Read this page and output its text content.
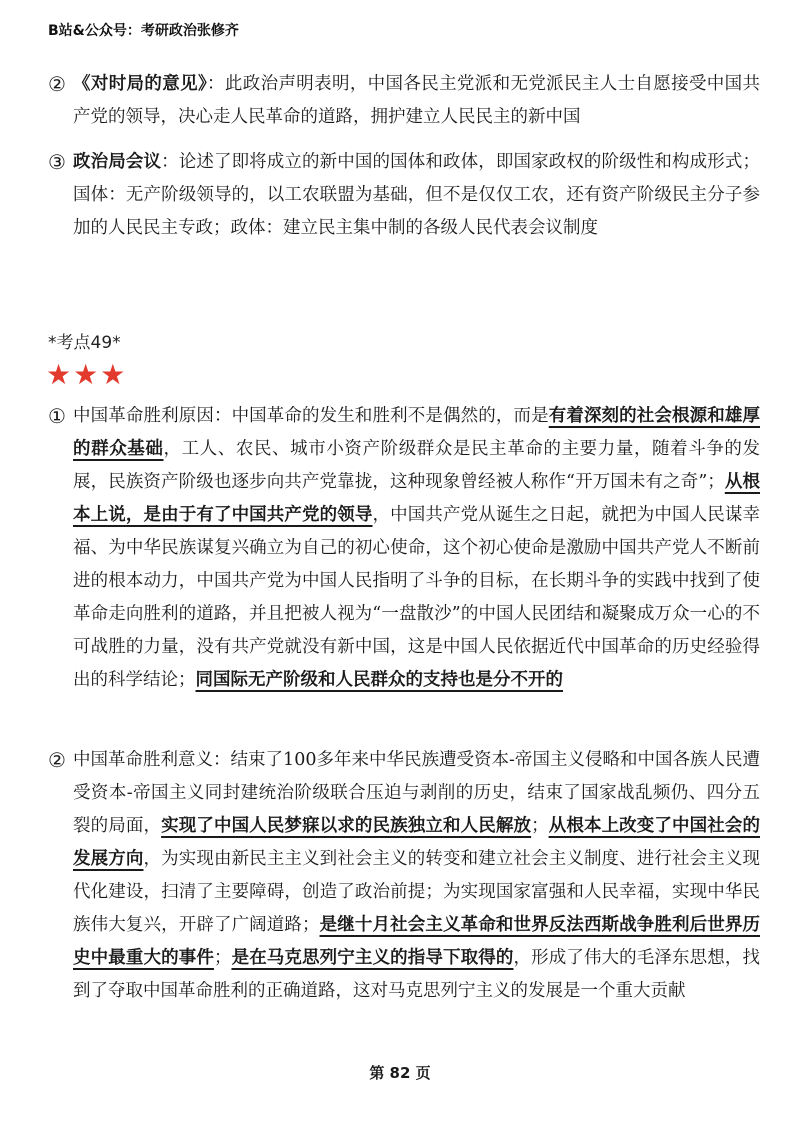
B站&公众号：考研政治张修齐
② 《对时局的意见》：此政治声明表明，中国各民主党派和无党派民主人士自愿接受中国共产党的领导，决心走人民革命的道路，拥护建立人民民主的新中国
③ 政治局会议：论述了即将成立的新中国的国体和政体，即国家政权的阶级性和构成形式；国体：无产阶级领导的，以工农联盟为基础，但不是仅仅工农，还有资产阶级民主分子参加的人民民主专政；政体：建立民主集中制的各级人民代表会议制度
*考点49*
★★★
① 中国革命胜利原因：中国革命的发生和胜利不是偶然的，而是有着深刻的社会根源和雄厚的群众基础，工人、农民、城市小资产阶级群众是民主革命的主要力量，随着斗争的发展，民族资产阶级也逐步向共产党靠拢，这种现象曾经被人称作“开万国未有之奇”；从根本上说，是由于有了中国共产党的领导，中国共产党从诞生之日起，就把为中国人民谋幸福、为中华民族谋复兴确立为自己的初心使命，这个初心使命是激励中国共产党人不断前进的根本动力，中国共产党为中国人民指明了斗争的目标，在长期斗争的实践中找到了使革命走向胜利的道路，并且把被人视为“一盘散沙”的中国人民团结和凝聚成万众一心的不可战胜的力量，没有共产党就没有新中国，这是中国人民依据近代中国革命的历史经验得出的科学结论；同国际无产阶级和人民群众的支持也是分不开的
② 中国革命胜利意义：结束了100多年来中华民族遭受资本-帝国主义侵略和中国各族人民遭受资本-帝国主义同封建统治阶级联合压迫与剥削的历史，结束了国家战乱频仍、四分五裂的局面，实现了中国人民梦寐以求的民族独立和人民解放；从根本上改变了中国社会的发展方向，为实现由新民主主义到社会主义的转变和建立社会主义制度、进行社会主义现代化建设，扫清了主要障碍，创造了政治前提；为实现国家富强和人民幸福，实现中华民族伟大复兴，开辟了广阔道路；是继十月社会主义革命和世界反法西斯战争胜利后世界历史中最重大的事件；是在马克思列宁主义的指导下取得的，形成了伟大的毛泽东思想，找到了夺取中国革命胜利的正确道路，这对马克思列宁主义的发展是一个重大贡献
第 82 页
